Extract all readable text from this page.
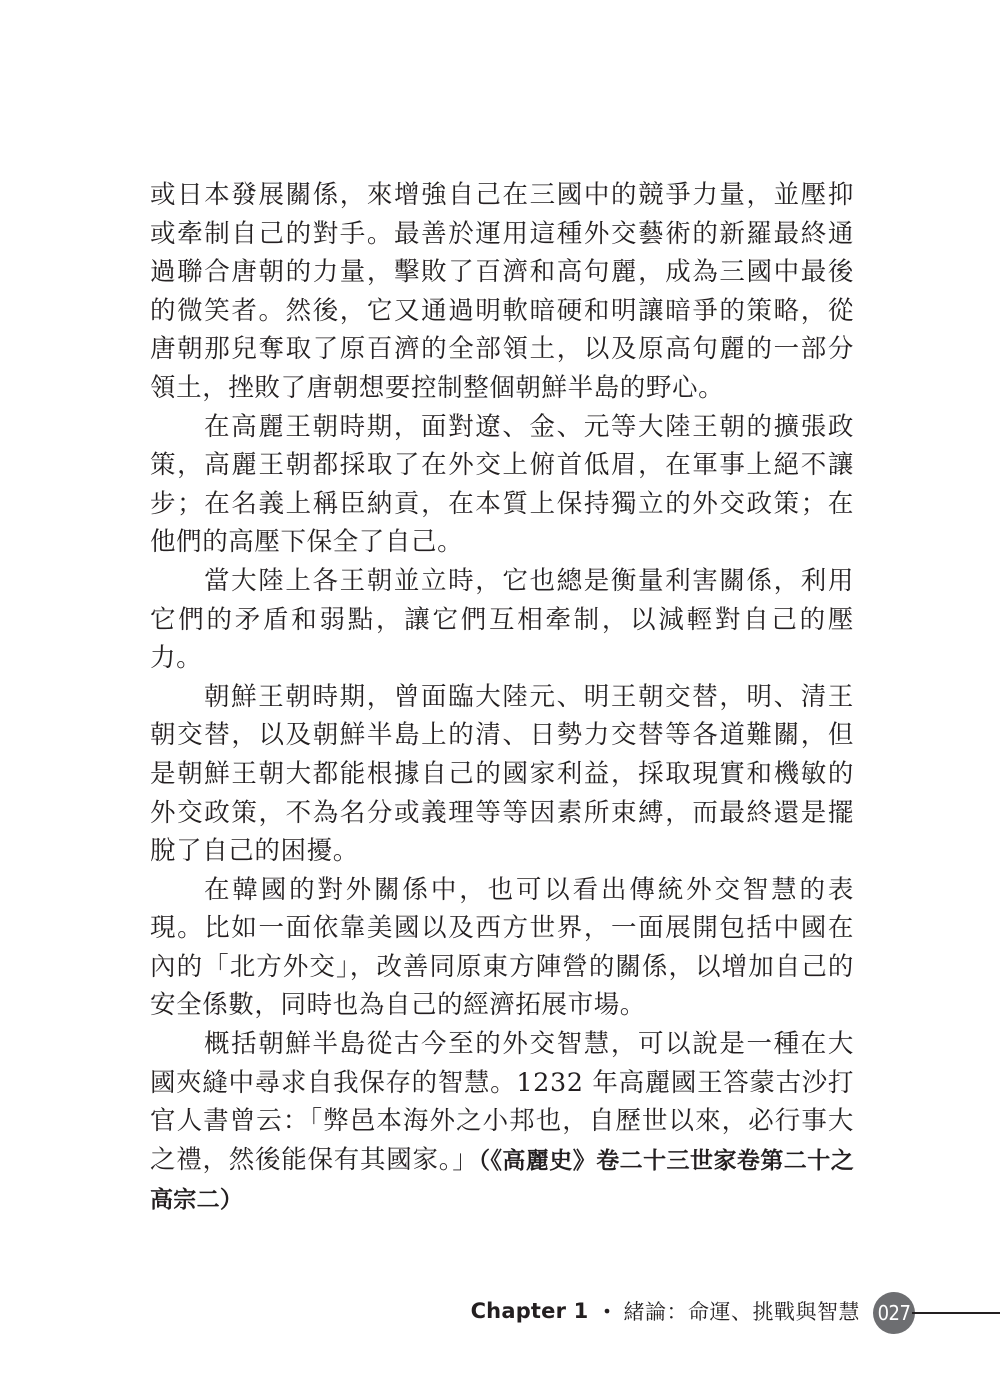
或日本發展關係，來增強自己在三國中的競爭力量，並壓抑或牽制自己的對手。最善於運用這種外交藝術的新羅最終通過聯合唐朝的力量，擊敗了百濟和高句麗，成為三國中最後的微笑者。然後，它又通過明軟暗硬和明讓暗爭的策略，從唐朝那兒奪取了原百濟的全部領土，以及原高句麗的一部分領土，挫敗了唐朝想要控制整個朝鮮半島的野心。

在高麗王朝時期，面對遼、金、元等大陸王朝的擴張政策，高麗王朝都採取了在外交上俯首低眉，在軍事上絕不讓步；在名義上稱臣納貢，在本質上保持獨立的外交政策；在他們的高壓下保全了自己。

當大陸上各王朝並立時，它也總是衡量利害關係，利用它們的矛盾和弱點，讓它們互相牽制，以減輕對自己的壓力。

朝鮮王朝時期，曾面臨大陸元、明王朝交替，明、清王朝交替，以及朝鮮半島上的清、日勢力交替等各道難關，但是朝鮮王朝大都能根據自己的國家利益，採取現實和機敏的外交政策，不為名分或義理等等因素所束縛，而最終還是擺脫了自己的困擾。

在韓國的對外關係中，也可以看出傳統外交智慧的表現。比如一面依靠美國以及西方世界，一面展開包括中國在內的「北方外交」，改善同原東方陣營的關係，以增加自己的安全係數，同時也為自己的經濟拓展市場。

概括朝鮮半島從古今至的外交智慧，可以說是一種在大國夾縫中尋求自我保存的智慧。1232 年高麗國王答蒙古沙打官人書曾云：「弊邑本海外之小邦也，自歷世以來，必行事大之禮，然後能保有其國家。」（《高麗史》卷二十三世家卷第二十之高宗二）

Chapter 1 ・ 緒論：命運、挑戰與智慧 027
